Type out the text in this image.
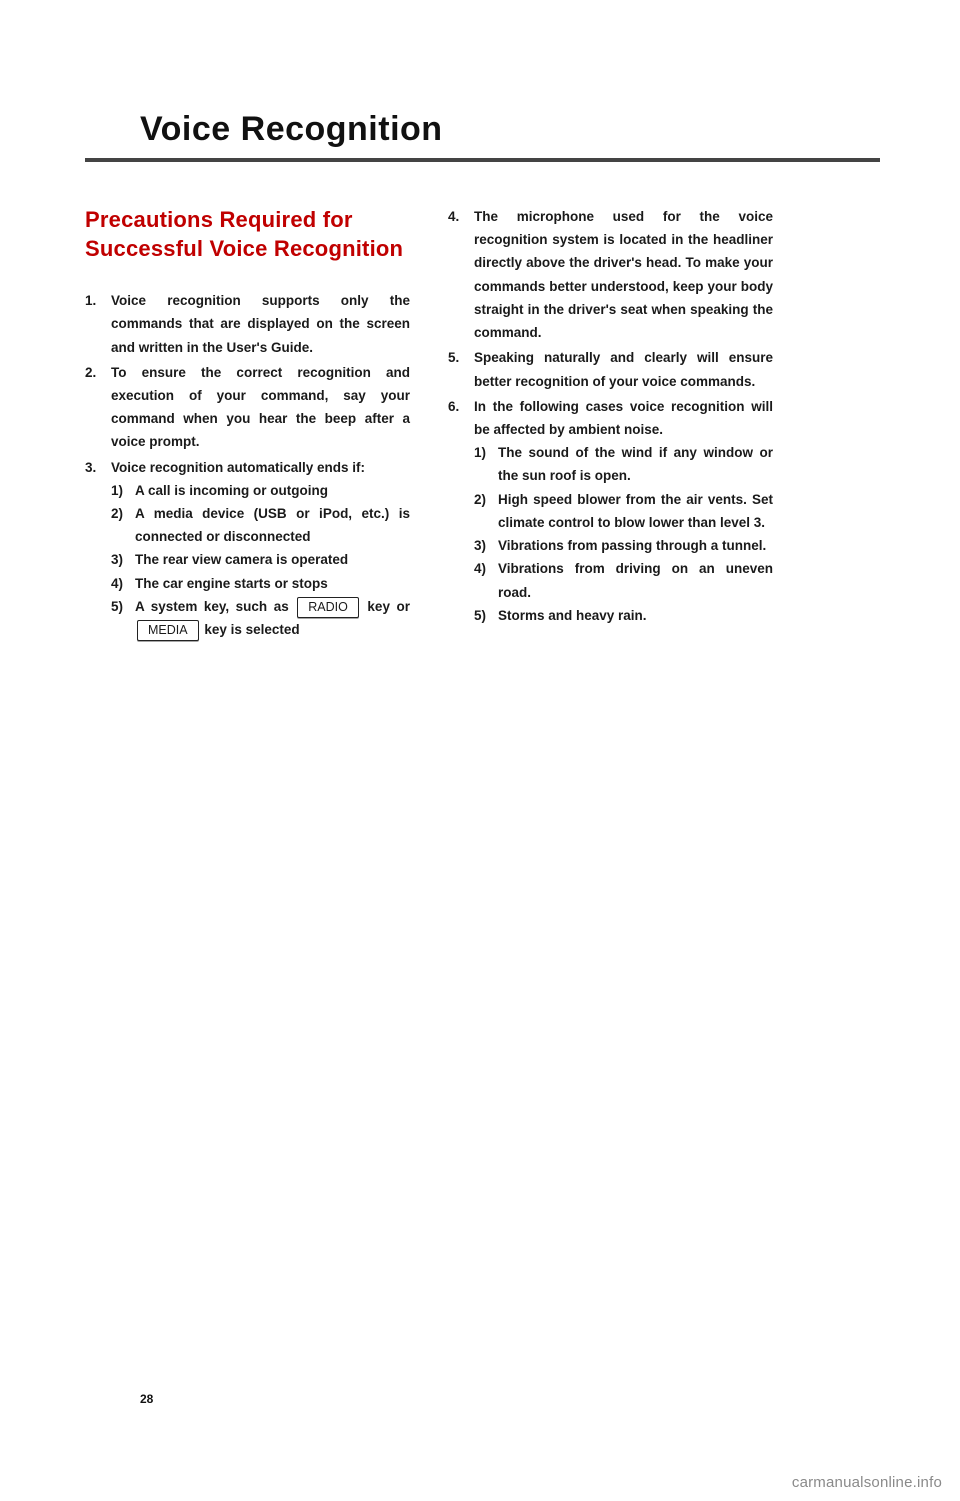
Voice Recognition
Precautions Required for Successful Voice Recognition
1. Voice recognition supports only the commands that are displayed on the screen and written in the User's Guide.
2. To ensure the correct recognition and execution of your command, say your command when you hear the beep after a voice prompt.
3. Voice recognition automatically ends if:
1) A call is incoming or outgoing
2) A media device (USB or iPod, etc.) is connected or disconnected
3) The rear view camera is operated
4) The car engine starts or stops
5) A system key, such as RADIO key or MEDIA key is selected
4. The microphone used for the voice recognition system is located in the headliner directly above the driver's head. To make your commands better understood, keep your body straight in the driver's seat when speaking the command.
5. Speaking naturally and clearly will ensure better recognition of your voice commands.
6. In the following cases voice recognition will be affected by ambient noise.
1) The sound of the wind if any window or the sun roof is open.
2) High speed blower from the air vents. Set climate control to blow lower than level 3.
3) Vibrations from passing through a tunnel.
4) Vibrations from driving on an uneven road.
5) Storms and heavy rain.
28
carmanualsonline.info
